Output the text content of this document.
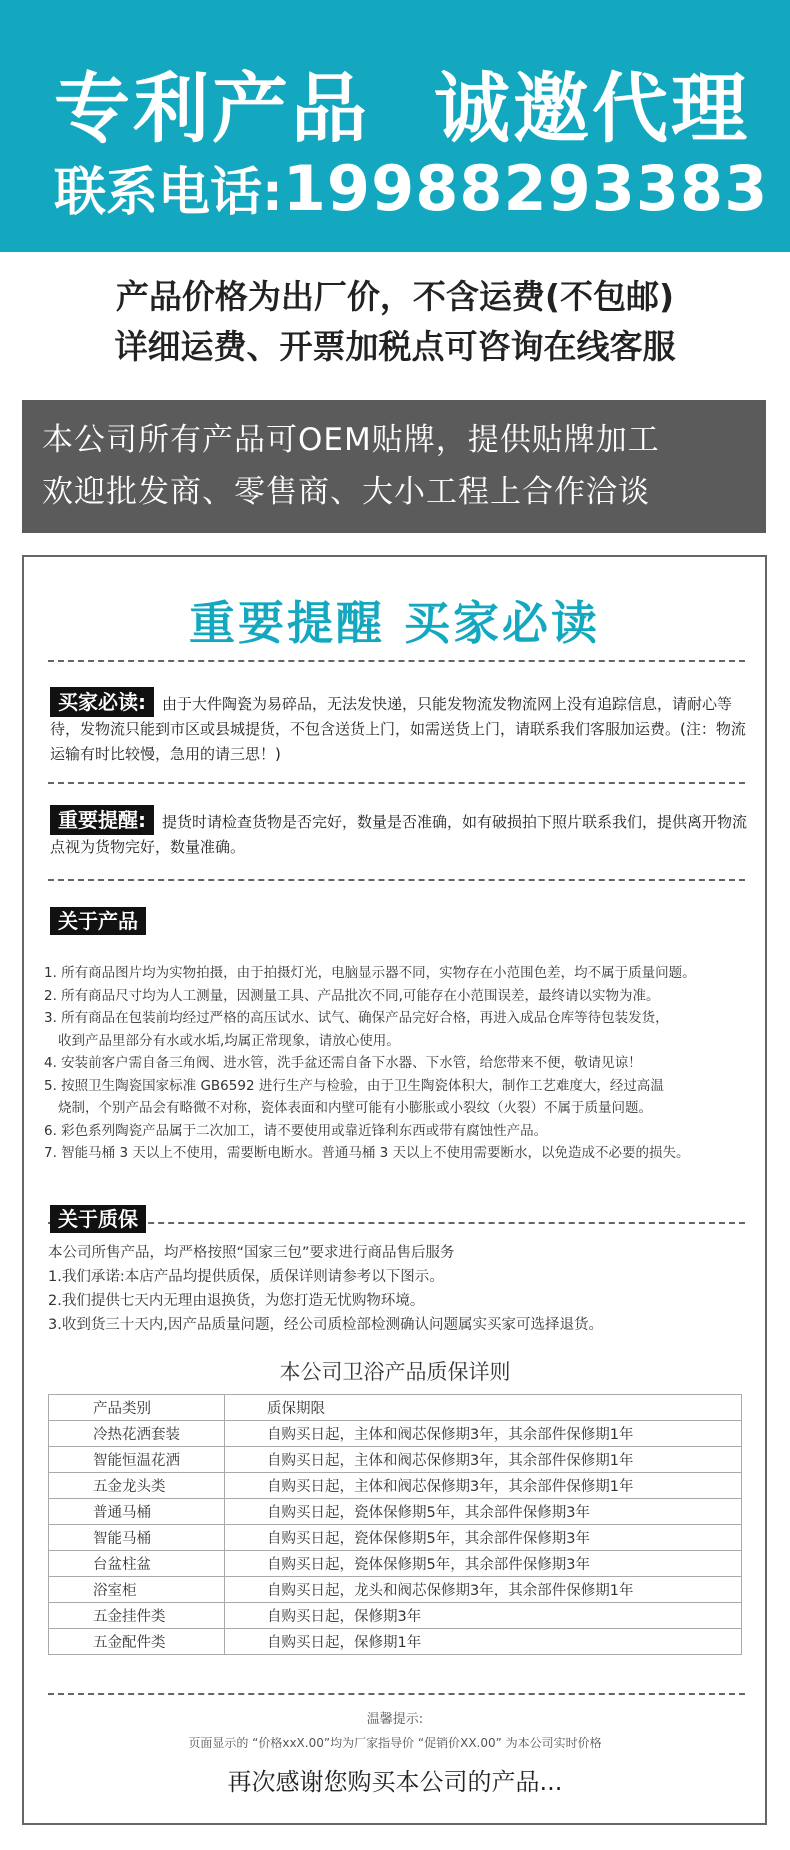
专利产品 诚邀代理
联系电话:19988293383
产品价格为出厂价，不含运费(不包邮)
详细运费、开票加税点可咨询在线客服
本公司所有产品可OEM贴牌，提供贴牌加工
欢迎批发商、零售商、大小工程上合作洽谈
重要提醒 买家必读
买家必读: 由于大件陶瓷为易碎品，无法发快递，只能发物流发物流网上没有追踪信息，请耐心等待，发物流只能到市区或县城提货，不包含送货上门，如需送货上门，请联系我们客服加运费。(注：物流运输有时比较慢，急用的请三思！)
重要提醒: 提货时请检查货物是否完好，数量是否准确，如有破损拍下照片联系我们，提供离开物流点视为货物完好，数量准确。
关于产品
关于质保
1. 所有商品图片均为实物拍摄，由于拍摄灯光，电脑显示器不同，实物存在小范围色差，均不属于质量问题。
2. 所有商品尺寸均为人工测量，因测量工具、产品批次不同,可能存在小范围误差，最终请以实物为准。
3. 所有商品在包装前均经过严格的高压试水、试气、确保产品完好合格，再进入成品仓库等待包装发货，
收到产品里部分有水或水垢,均属正常现象，请放心使用。
4. 安装前客户需自备三角阀、进水管，洗手盆还需自备下水器、下水管，给您带来不便，敬请见谅！
5. 按照卫生陶瓷国家标准 GB6592 进行生产与检验，由于卫生陶瓷体积大，制作工艺难度大，经过高温
烧制，个别产品会有略微不对称，瓷体表面和内壁可能有小膨胀或小裂纹（火裂）不属于质量问题。
6. 彩色系列陶瓷产品属于二次加工，请不要使用或靠近锋利东西或带有腐蚀性产品。
7. 智能马桶 3 天以上不使用，需要断电断水。普通马桶 3 天以上不使用需要断水，以免造成不必要的损失。
本公司所售产品，均严格按照“国家三包”要求进行商品售后服务
1.我们承诺:本店产品均提供质保，质保详则请参考以下图示。
2.我们提供七天内无理由退换货，为您打造无忧购物环境。
3.收到货三十天内,因产品质量问题，经公司质检部检测确认问题属实买家可选择退货。
本公司卫浴产品质保详则
产品类别	质保期限
冷热花洒套装	自购买日起，主体和阀芯保修期3年，其余部件保修期1年
智能恒温花洒	自购买日起，主体和阀芯保修期3年，其余部件保修期1年
五金龙头类	自购买日起，主体和阀芯保修期3年，其余部件保修期1年
普通马桶	自购买日起，瓷体保修期5年，其余部件保修期3年
智能马桶	自购买日起，瓷体保修期5年，其余部件保修期3年
台盆柱盆	自购买日起，瓷体保修期5年，其余部件保修期3年
浴室柜	自购买日起，龙头和阀芯保修期3年，其余部件保修期1年
五金挂件类	自购买日起，保修期3年
五金配件类	自购买日起，保修期1年
温馨提示:
页面显示的 “价格xxX.00”均为厂家指导价 “促销价XX.00” 为本公司实时价格
再次感谢您购买本公司的产品...
